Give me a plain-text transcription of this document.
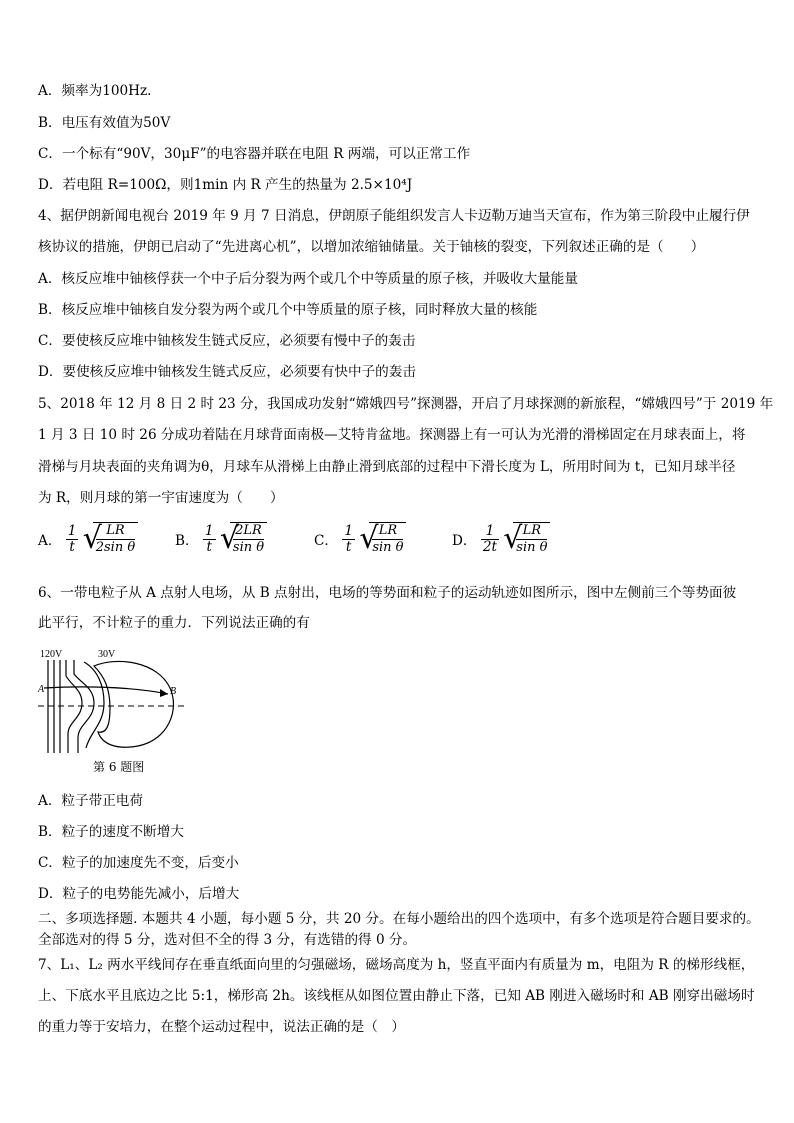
A．频率为100Hz.
B．电压有效值为50V
C．一个标有“90V，30μF”的电容器并联在电阻 R 两端，可以正常工作
D．若电阻 R=100Ω，则1min 内 R 产生的热量为 2.5×10⁴J
4、据伊朗新闻电视台 2019 年 9 月 7 日消息，伊朗原子能组织发言人卡迈勒万迪当天宣布，作为第三阶段中止履行伊
核协议的措施，伊朗已启动了“先进离心机”，以增加浓缩铀储量。关于铀核的裂变，下列叙述正确的是（　　）
A．核反应堆中铀核俘获一个中子后分裂为两个或几个中等质量的原子核，并吸收大量能量
B．核反应堆中铀核自发分裂为两个或几个中等质量的原子核，同时释放大量的核能
C．要使核反应堆中铀核发生链式反应，必须要有慢中子的轰击
D．要使核反应堆中铀核发生链式反应，必须要有快中子的轰击
5、2018 年 12 月 8 日 2 时 23 分，我国成功发射“嫦娥四号”探测器，开启了月球探测的新旅程，“嫦娥四号”于 2019 年
1 月 3 日 10 时 26 分成功着陆在月球背面南极—艾特肯盆地。探测器上有一可认为光滑的滑梯固定在月球表面上，将
滑梯与月块表面的夹角调为θ，月球车从滑梯上由静止滑到底部的过程中下滑长度为 L，所用时间为 t，已知月球半径
为 R，则月球的第一宇宙速度为（　　）
A． $\frac{1}{t}$
√
$\frac{LR}{\text{2sin θ}}$	B． $\frac{1}{t}$
√
$\frac{2LR}{\text{sin θ}}$	C． $\frac{1}{t}$
√
$\frac{LR}{\text{sin θ}}$	D． $\frac{1}{2t}$
√
$\frac{LR}{\text{sin θ}}$
6、一带电粒子从 A 点射人电场，从 B 点射出，电场的等势面和粒子的运动轨迹如图所示，图中左侧前三个等势面彼
此平行，不计粒子的重力．下列说法正确的有
120V	30V
A	B
第 6 题图
A．粒子带正电荷
B．粒子的速度不断增大
C．粒子的加速度先不变，后变小
D．粒子的电势能先减小，后增大
二、多项选择题. 本题共 4 小题，每小题 5 分，共 20 分。在每小题给出的四个选项中，有多个选项是符合题目要求的。
全部选对的得 5 分，选对但不全的得 3 分，有选错的得 0 分。
7、L₁、L₂ 两水平线间存在垂直纸面向里的匀强磁场，磁场高度为 h，竖直平面内有质量为 m，电阻为 R 的梯形线框，
上、下底水平且底边之比 5:1，梯形高 2h。该线框从如图位置由静止下落，已知 AB 刚进入磁场时和 AB 刚穿出磁场时
的重力等于安培力，在整个运动过程中，说法正确的是（　）
